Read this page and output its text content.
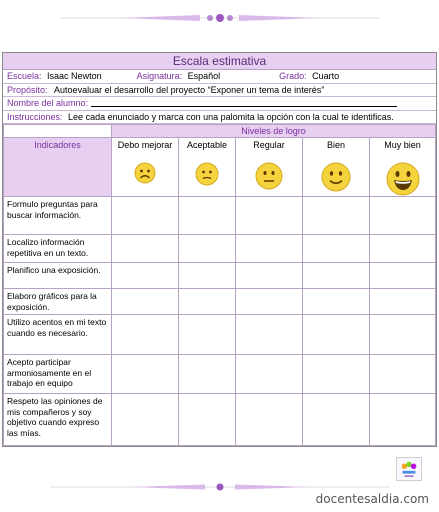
Escala estimativa
Escuela: Isaac Newton	Asignatura: Español	Grado: Cuarto
Propósito: Autoevaluar el desarrollo del proyecto “Exponer un tema de interés”
Nombre del alumno:
Instrucciones: Lee cada enunciado y marca con una palomita la opción con la cual te identificas.
	Niveles de logro				
Indicadores	Debo mejorar	Aceptable	Regular	Bien	Muy bien

Formulo preguntas para buscar información.					
Localizo información repetitiva en un texto.					
Planifico una exposición.					
Elaboro gráficos para la exposición.					
Utilizo acentos en mi texto cuando es necesario.					
Acepto participar armoniosamente en el trabajo en equipo					
Respeto las opiniones de mis compañeros y soy objetivo cuando expreso las mías.					
docentesaldia.com
